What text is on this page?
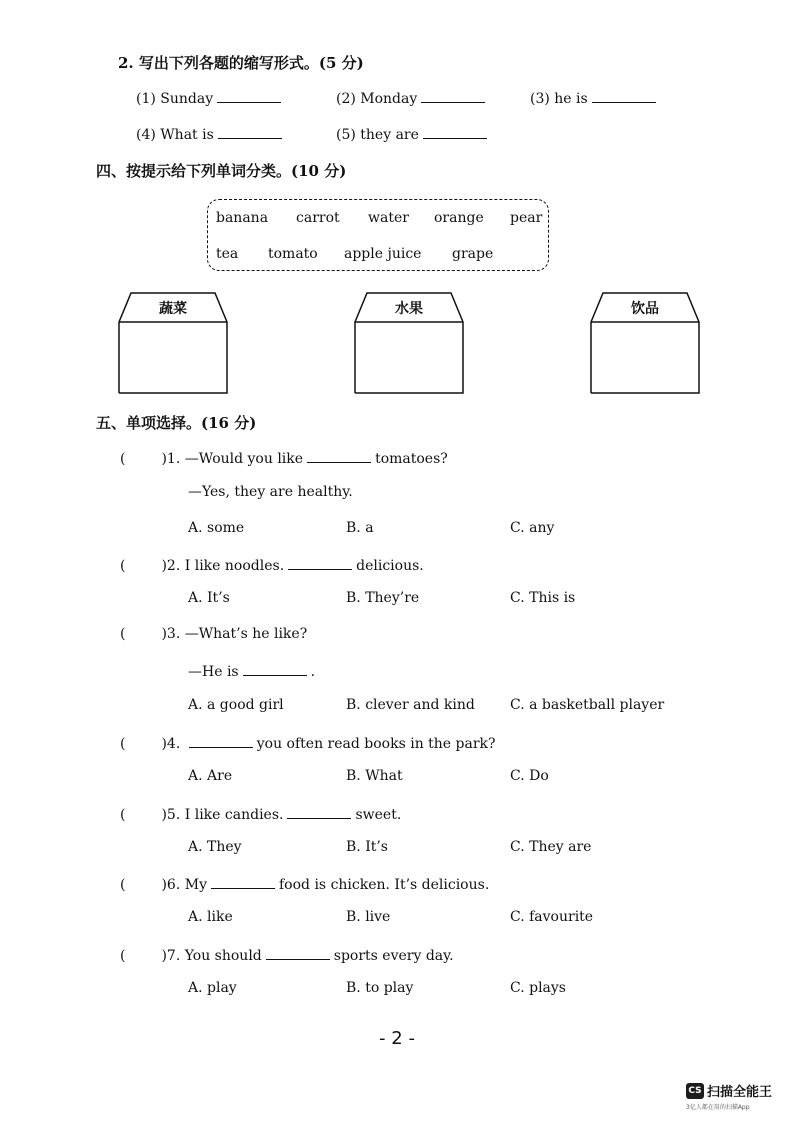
2. 写出下列各题的缩写形式。(5 分)
(1) Sunday	(2) Monday	(3) he is
(4) What is	(5) they are
四、按提示给下列单词分类。(10 分)
banana carrot water orange pear
tea tomato apple juice grape
蔬菜	水果	饮品
五、单项选择。(16 分)
(	)1. —Would you like	tomatoes?
—Yes, they are healthy.
A. some	B. a	C. any
(	)2. I like noodles.	delicious.
A. It’s	B. They’re	C. This is
(	)3. —What’s he like?
—He is	.
A. a good girl	B. clever and kind	C. a basketball player
(	)4.	you often read books in the park?
A. Are	B. What	C. Do
(	)5. I like candies.	sweet.
A. They	B. It’s	C. They are
(	)6. My	food is chicken. It’s delicious.
A. like	B. live	C. favourite
(	)7. You should	sports every day.
A. play	B. to play	C. plays
- 2 -
CS 扫描全能王
3亿人都在用的扫描App
